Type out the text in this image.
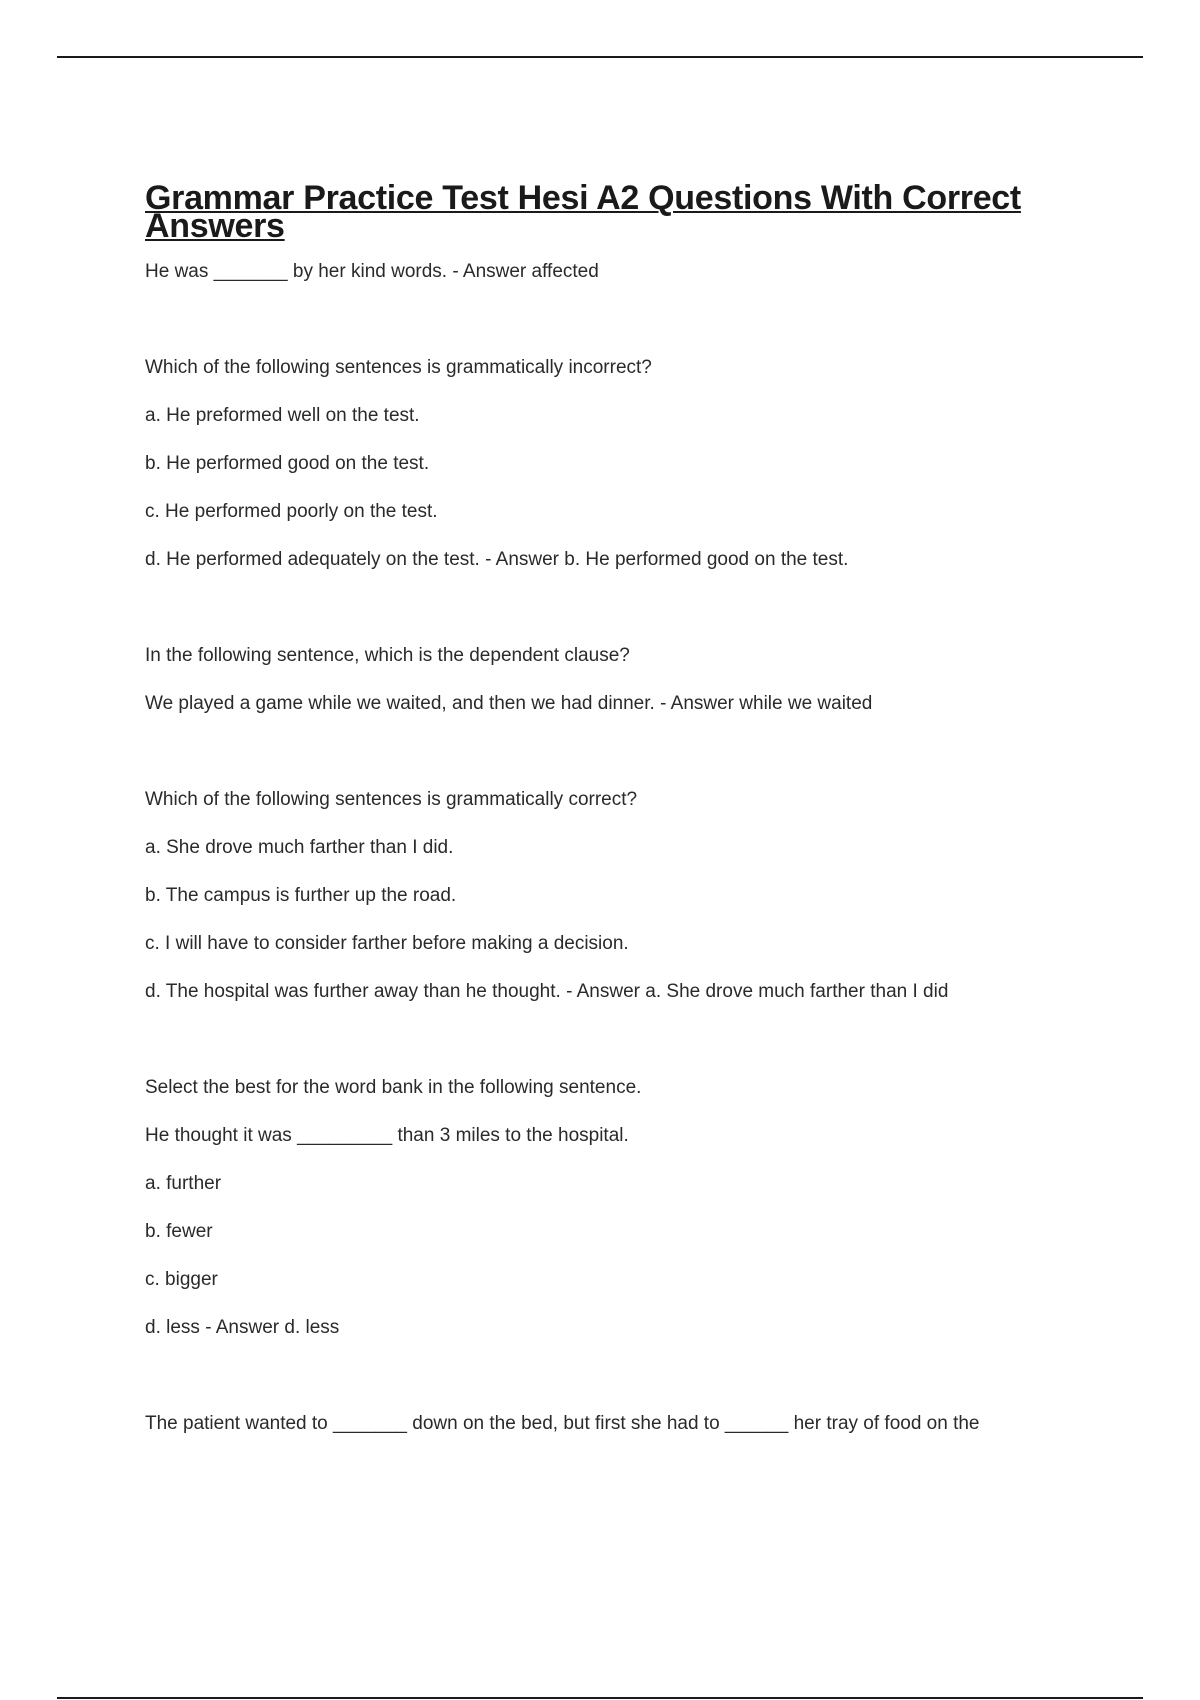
Grammar Practice Test Hesi A2 Questions With Correct
Answers

He was _______ by her kind words. - Answer affected

Which of the following sentences is grammatically incorrect?

a. He preformed well on the test.

b. He performed good on the test.

c. He performed poorly on the test.

d. He performed adequately on the test. - Answer b. He performed good on the test.

In the following sentence, which is the dependent clause?

We played a game while we waited, and then we had dinner. - Answer while we waited

Which of the following sentences is grammatically correct?

a. She drove much farther than I did.

b. The campus is further up the road.

c. I will have to consider farther before making a decision.

d. The hospital was further away than he thought. - Answer a. She drove much farther than I did

Select the best for the word bank in the following sentence.

He thought it was _________ than 3 miles to the hospital.

a. further

b. fewer

c. bigger

d. less - Answer d. less

The patient wanted to _______ down on the bed, but first she had to ______ her tray of food on the
